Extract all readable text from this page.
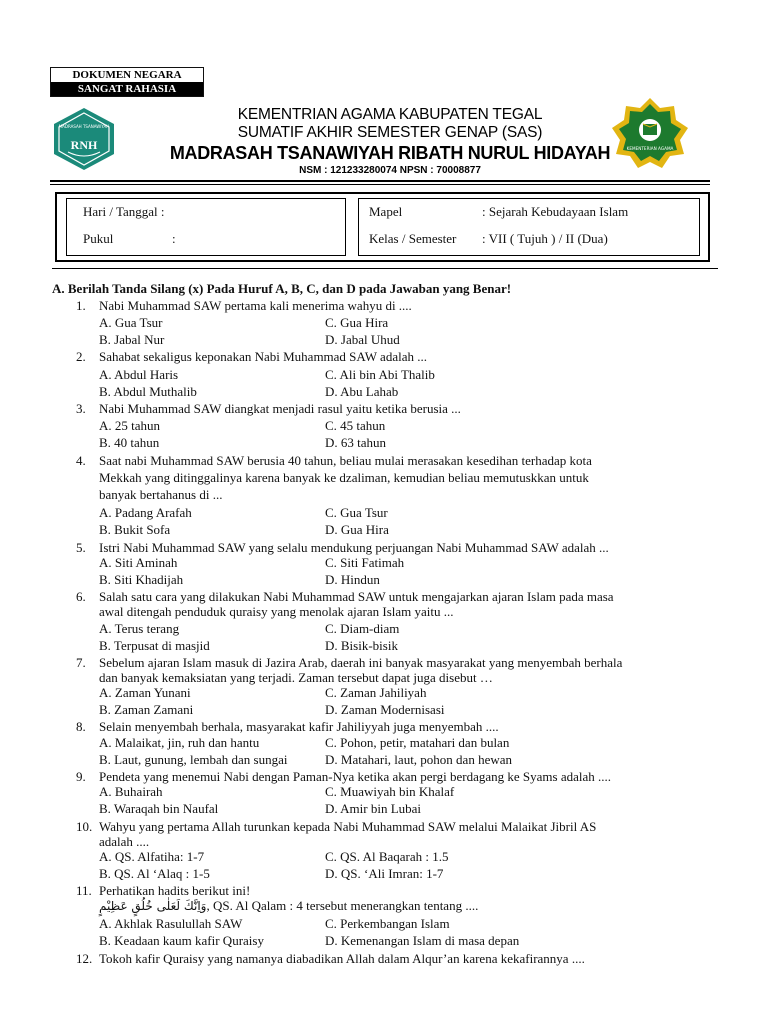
DOKUMEN NEGARA
SANGAT RAHASIA
MADRASAH TSANAWIYAH
RNH	KEMENTERIAN AGAMA
KEMENTRIAN AGAMA KABUPATEN TEGAL
SUMATIF AKHIR SEMESTER GENAP (SAS)
MADRASAH TSANAWIYAH RIBATH NURUL HIDAYAH
NSM : 121233280074 NPSN : 70008877
Hari / Tanggal :
Pukul	:
Mapel	: Sejarah Kebudayaan Islam
Kelas / Semester : VII ( Tujuh ) / II (Dua)
A. Berilah Tanda Silang (x) Pada Huruf A, B, C, dan D pada Jawaban yang Benar!
1. Nabi Muhammad SAW pertama kali menerima wahyu di ....
A. Gua Tsur	C. Gua Hira
B. Jabal Nur	D. Jabal Uhud
2. Sahabat sekaligus keponakan Nabi Muhammad SAW adalah ...
A. Abdul Haris	C. Ali bin Abi Thalib
B. Abdul Muthalib	D. Abu Lahab
3. Nabi Muhammad SAW diangkat menjadi rasul yaitu ketika berusia ...
A. 25 tahun	C. 45 tahun
B. 40 tahun	D. 63 tahun
4. Saat nabi Muhammad SAW berusia 40 tahun, beliau mulai merasakan kesedihan terhadap kota
Mekkah yang ditinggalinya karena banyak ke dzaliman, kemudian beliau memutuskkan untuk
banyak bertahanus di ...
A. Padang Arafah	C. Gua Tsur
B. Bukit Sofa	D. Gua Hira
5. Istri Nabi Muhammad SAW yang selalu mendukung perjuangan Nabi Muhammad SAW adalah ...
A. Siti Aminah	C. Siti Fatimah
B. Siti Khadijah	D. Hindun
6. Salah satu cara yang dilakukan Nabi Muhammad SAW untuk mengajarkan ajaran Islam pada masa
awal ditengah penduduk quraisy yang menolak ajaran Islam yaitu ...
A. Terus terang	C. Diam-diam
B. Terpusat di masjid	D. Bisik-bisik
7. Sebelum ajaran Islam masuk di Jazira Arab, daerah ini banyak masyarakat yang menyembah berhala
dan banyak kemaksiatan yang terjadi. Zaman tersebut dapat juga disebut …
A. Zaman Yunani	C. Zaman Jahiliyah
B. Zaman Zamani	D. Zaman Modernisasi
8. Selain menyembah berhala, masyarakat kafir Jahiliyyah juga menyembah ....
A. Malaikat, jin, ruh dan hantu	C. Pohon, petir, matahari dan bulan
B. Laut, gunung, lembah dan sungai	D. Matahari, laut, pohon dan hewan
9. Pendeta yang menemui Nabi dengan Paman-Nya ketika akan pergi berdagang ke Syams adalah ....
A. Buhairah	C. Muawiyah bin Khalaf
B. Waraqah bin Naufal	D. Amir bin Lubai
10. Wahyu yang pertama Allah turunkan kepada Nabi Muhammad SAW melalui Malaikat Jibril AS
adalah ....
A. QS. Alfatiha: 1-7	C. QS. Al Baqarah : 1.5
B. QS. Al ‘Alaq : 1-5	D. QS. ‘Ali Imran: 1-7
11. Perhatikan hadits berikut ini!
وَاِنَّكَ لَعَلٰى خُلُقٍ عَظِيْمٍ, QS. Al Qalam : 4 tersebut menerangkan tentang ....
A. Akhlak Rasulullah SAW	C. Perkembangan Islam
B. Keadaan kaum kafir Quraisy	D. Kemenangan Islam di masa depan
12. Tokoh kafir Quraisy yang namanya diabadikan Allah dalam Alqur’an karena kekafirannya ....
